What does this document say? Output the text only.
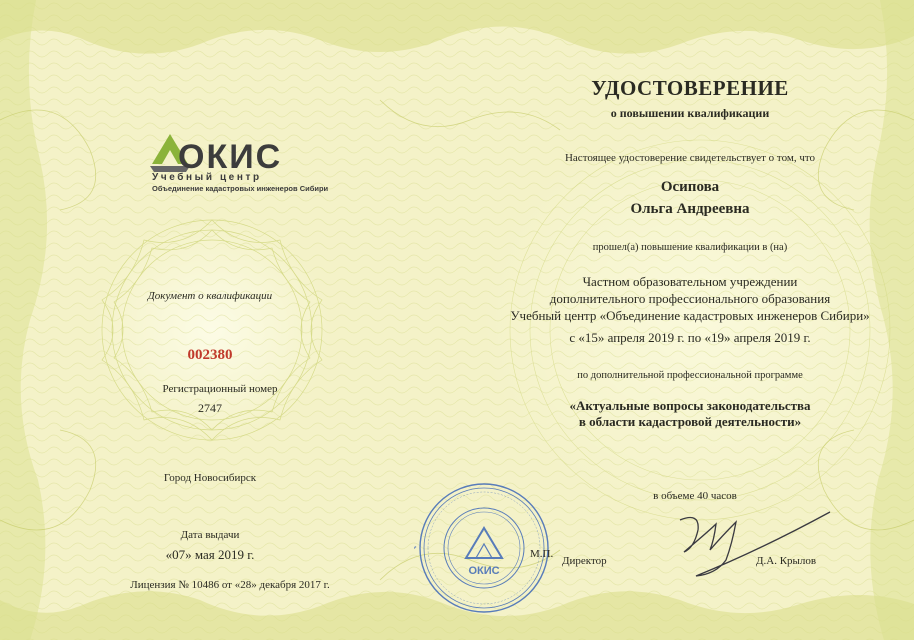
ОКИС
Учебный центр
Объединение кадастровых инженеров Сибири
Документ о квалификации
002380
Регистрационный номер
2747
Город Новосибирск
Дата выдачи
«07» мая 2019 г.
Лицензия № 10486 от «28» декабря 2017 г.
УДОСТОВЕРЕНИЕ
о повышении квалификации
Настоящее удостоверение свидетельствует о том, что
Осипова
Ольга Андреевна
прошел(а) повышение квалификации в (на)
Частном образовательном учреждении
дополнительного профессионального образования
Учебный центр «Объединение кадастровых инженеров Сибири»
с «15» апреля 2019 г. по «19» апреля 2019 г.
по дополнительной профессиональной программе
«Актуальные вопросы законодательства
в области кадастровой деятельности»
в объеме 40 часов
ОКИС
М.П.
Директор	Д.А. Крылов
